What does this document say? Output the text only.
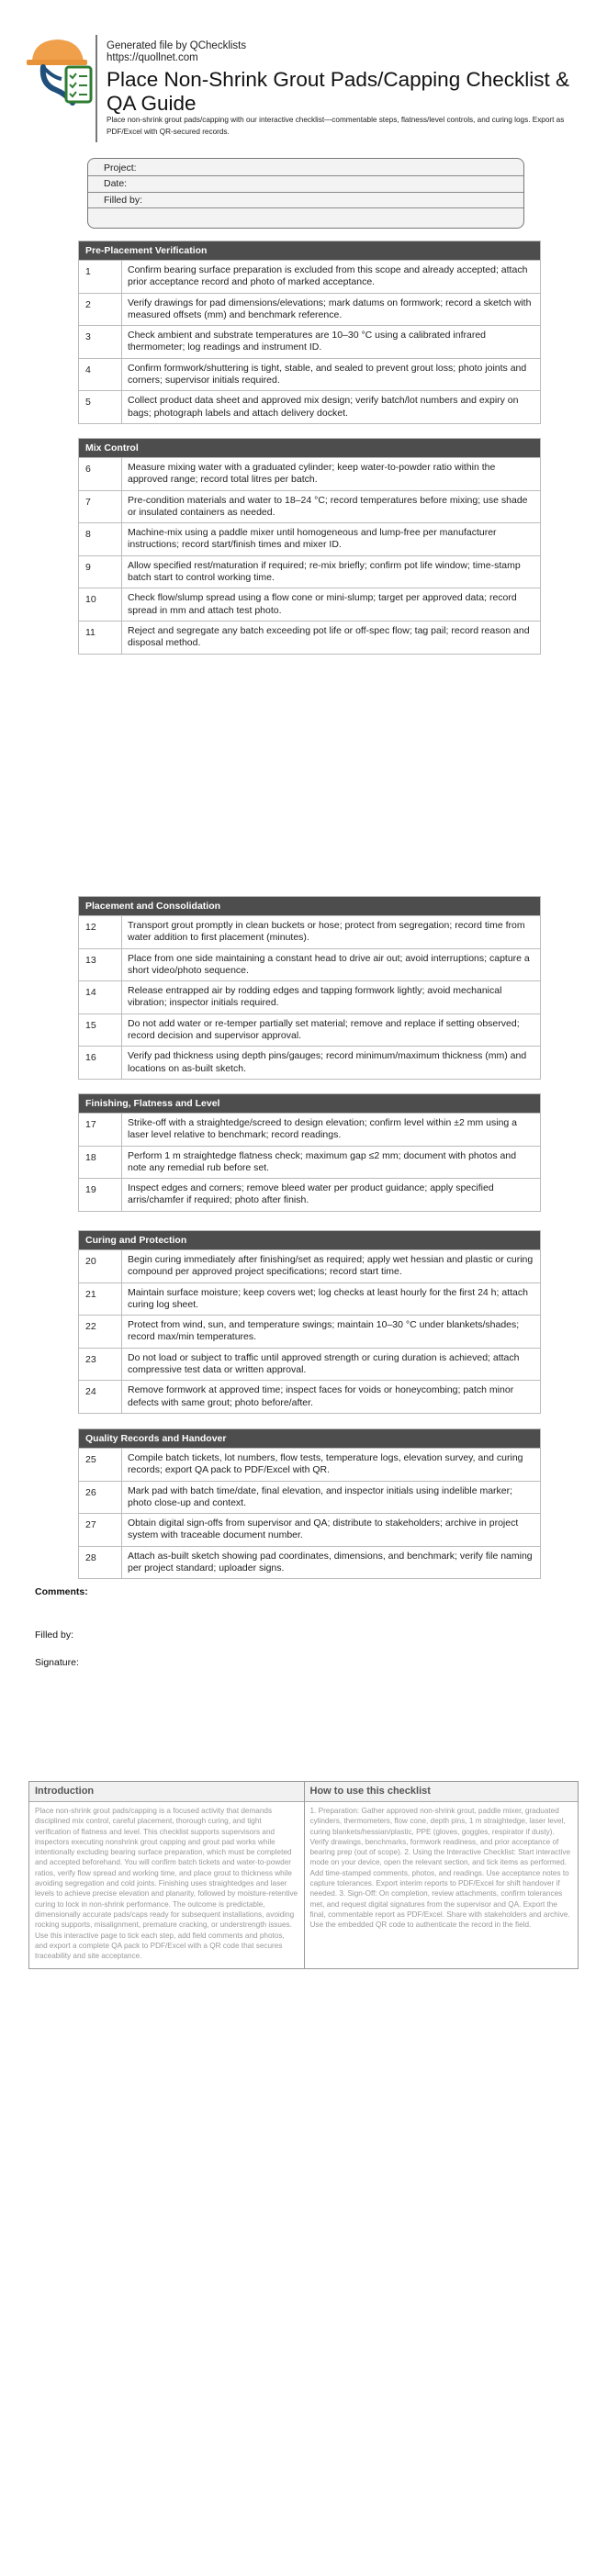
Generated file by QChecklists
https://quollnet.com
Place Non-Shrink Grout Pads/Capping Checklist & QA Guide
Place non-shrink grout pads/capping with our interactive checklist—commentable steps, flatness/level controls, and curing logs. Export as PDF/Excel with QR-secured records.
Project:
Date:
Filled by:
Pre-Placement Verification
1	Confirm bearing surface preparation is excluded from this scope and already accepted; attach prior acceptance record and photo of marked acceptance.
2	Verify drawings for pad dimensions/elevations; mark datums on formwork; record a sketch with measured offsets (mm) and benchmark reference.
3	Check ambient and substrate temperatures are 10–30 °C using a calibrated infrared thermometer; log readings and instrument ID.
4	Confirm formwork/shuttering is tight, stable, and sealed to prevent grout loss; photo joints and corners; supervisor initials required.
5	Collect product data sheet and approved mix design; verify batch/lot numbers and expiry on bags; photograph labels and attach delivery docket.
Mix Control
6	Measure mixing water with a graduated cylinder; keep water-to-powder ratio within the approved range; record total litres per batch.
7	Pre-condition materials and water to 18–24 °C; record temperatures before mixing; use shade or insulated containers as needed.
8	Machine-mix using a paddle mixer until homogeneous and lump-free per manufacturer instructions; record start/finish times and mixer ID.
9	Allow specified rest/maturation if required; re-mix briefly; confirm pot life window; time-stamp batch start to control working time.
10	Check flow/slump spread using a flow cone or mini-slump; target per approved data; record spread in mm and attach test photo.
11	Reject and segregate any batch exceeding pot life or off-spec flow; tag pail; record reason and disposal method.
Placement and Consolidation
12	Transport grout promptly in clean buckets or hose; protect from segregation; record time from water addition to first placement (minutes).
13	Place from one side maintaining a constant head to drive air out; avoid interruptions; capture a short video/photo sequence.
14	Release entrapped air by rodding edges and tapping formwork lightly; avoid mechanical vibration; inspector initials required.
15	Do not add water or re-temper partially set material; remove and replace if setting observed; record decision and supervisor approval.
16	Verify pad thickness using depth pins/gauges; record minimum/maximum thickness (mm) and locations on as-built sketch.
Finishing, Flatness and Level
17	Strike-off with a straightedge/screed to design elevation; confirm level within ±2 mm using a laser level relative to benchmark; record readings.
18	Perform 1 m straightedge flatness check; maximum gap ≤2 mm; document with photos and note any remedial rub before set.
19	Inspect edges and corners; remove bleed water per product guidance; apply specified arris/chamfer if required; photo after finish.
Curing and Protection
20	Begin curing immediately after finishing/set as required; apply wet hessian and plastic or curing compound per approved project specifications; record start time.
21	Maintain surface moisture; keep covers wet; log checks at least hourly for the first 24 h; attach curing log sheet.
22	Protect from wind, sun, and temperature swings; maintain 10–30 °C under blankets/shades; record max/min temperatures.
23	Do not load or subject to traffic until approved strength or curing duration is achieved; attach compressive test data or written approval.
24	Remove formwork at approved time; inspect faces for voids or honeycombing; patch minor defects with same grout; photo before/after.
Quality Records and Handover
25	Compile batch tickets, lot numbers, flow tests, temperature logs, elevation survey, and curing records; export QA pack to PDF/Excel with QR.
26	Mark pad with batch time/date, final elevation, and inspector initials using indelible marker; photo close-up and context.
27	Obtain digital sign-offs from supervisor and QA; distribute to stakeholders; archive in project system with traceable document number.
28	Attach as-built sketch showing pad coordinates, dimensions, and benchmark; verify file naming per project standard; uploader signs.
Comments:
Filled by:
Signature:
Introduction
Place non-shrink grout pads/capping is a focused activity that demands disciplined mix control, careful placement, thorough curing, and tight verification of flatness and level. This checklist supports supervisors and inspectors executing nonshrink grout capping and grout pad works while intentionally excluding bearing surface preparation, which must be completed and accepted beforehand. You will confirm batch tickets and water-to-powder ratios, verify flow spread and working time, and place grout to thickness while avoiding segregation and cold joints. Finishing uses straightedges and laser levels to achieve precise elevation and planarity, followed by moisture-retentive curing to lock in non-shrink performance. The outcome is predictable, dimensionally accurate pads/caps ready for subsequent installations, avoiding rocking supports, misalignment, premature cracking, or understrength issues. Use this interactive page to tick each step, add field comments and photos, and export a complete QA pack to PDF/Excel with a QR code that secures traceability and site acceptance.
How to use this checklist
1. Preparation: Gather approved non-shrink grout, paddle mixer, graduated cylinders, thermometers, flow cone, depth pins, 1 m straightedge, laser level, curing blankets/hessian/plastic, PPE (gloves, goggles, respirator if dusty). Verify drawings, benchmarks, formwork readiness, and prior acceptance of bearing prep (out of scope). 2. Using the Interactive Checklist: Start interactive mode on your device, open the relevant section, and tick items as performed. Add time-stamped comments, photos, and readings. Use acceptance notes to capture tolerances. Export interim reports to PDF/Excel for shift handover if needed. 3. Sign-Off: On completion, review attachments, confirm tolerances met, and request digital signatures from the supervisor and QA. Export the final, commentable report as PDF/Excel. Share with stakeholders and archive. Use the embedded QR code to authenticate the record in the field.
